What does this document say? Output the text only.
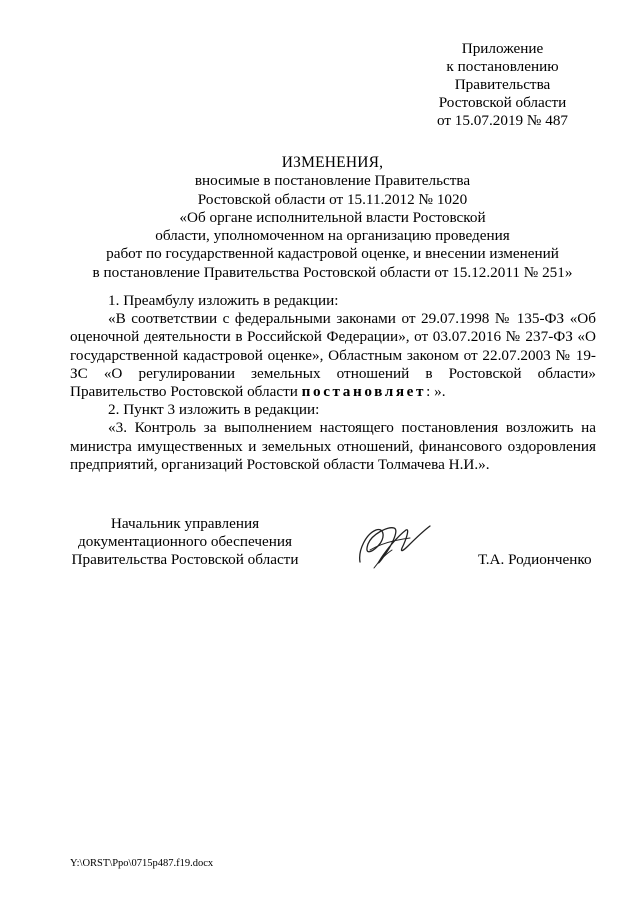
Приложение
к постановлению
Правительства
Ростовской области
от 15.07.2019 № 487
ИЗМЕНЕНИЯ,
вносимые в постановление Правительства
Ростовской области от 15.11.2012 № 1020
«Об органе исполнительной власти Ростовской
области, уполномоченном на организацию проведения
работ по государственной кадастровой оценке, и внесении изменений
в постановление Правительства Ростовской области от 15.12.2011 № 251»
1. Преамбулу изложить в редакции:
«В соответствии с федеральными законами от 29.07.1998 № 135-ФЗ «Об оценочной деятельности в Российской Федерации», от 03.07.2016 № 237-ФЗ «О государственной кадастровой оценке», Областным законом от 22.07.2003 № 19-ЗС «О регулировании земельных отношений в Ростовской области» Правительство Ростовской области постановляет: ».
2. Пункт 3 изложить в редакции:
«3. Контроль за выполнением настоящего постановления возложить на министра имущественных и земельных отношений, финансового оздоровления предприятий, организаций Ростовской области Толмачева Н.И.».
Начальник управления
документационного обеспечения
Правительства Ростовской области	Т.А. Родионченко
Y:\ORST\Ppo\0715p487.f19.docx
